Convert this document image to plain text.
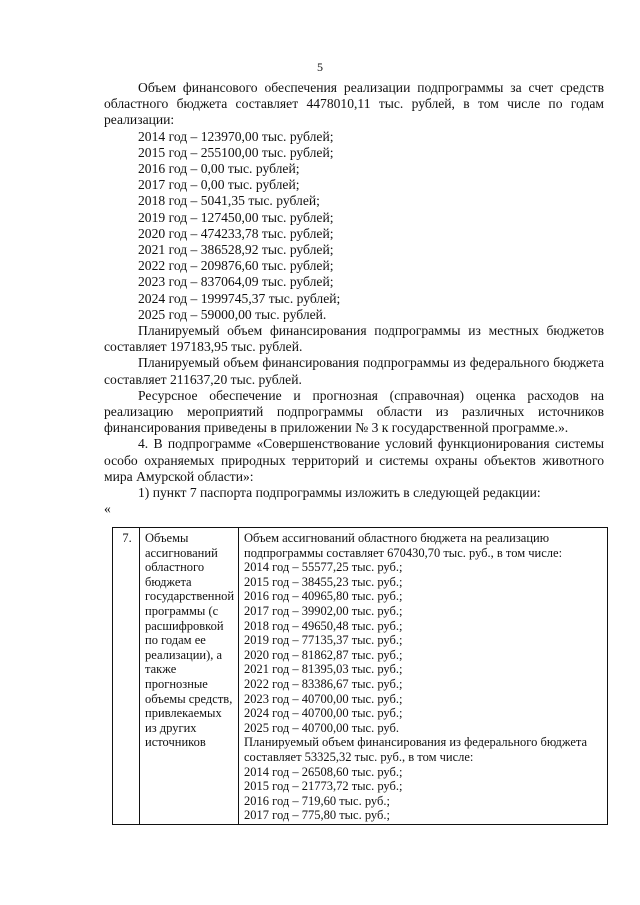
5

Объем финансового обеспечения реализации подпрограммы за счет средств областного бюджета составляет 4478010,11 тыс. рублей, в том числе по годам реализации:

2014 год – 123970,00 тыс. рублей;

2015 год – 255100,00 тыс. рублей;

2016 год – 0,00 тыс. рублей;

2017 год – 0,00 тыс. рублей;

2018 год – 5041,35 тыс. рублей;

2019 год – 127450,00 тыс. рублей;

2020 год – 474233,78 тыс. рублей;

2021 год – 386528,92 тыс. рублей;

2022 год – 209876,60 тыс. рублей;

2023 год – 837064,09 тыс. рублей;

2024 год – 1999745,37 тыс. рублей;

2025 год – 59000,00 тыс. рублей.

Планируемый объем финансирования подпрограммы из местных бюджетов составляет 197183,95 тыс. рублей.

Планируемый объем финансирования подпрограммы из федерального бюджета составляет 211637,20 тыс. рублей.

Ресурсное обеспечение и прогнозная (справочная) оценка расходов на реализацию мероприятий подпрограммы области из различных источников финансирования приведены в приложении № 3 к государственной программе.».

4. В подпрограмме «Совершенствование условий функционирования системы особо охраняемых природных территорий и системы охраны объектов животного мира Амурской области»:

1) пункт 7 паспорта подпрограммы изложить в следующей редакции:

«

7.	Объемы
ассигнований
областного
бюджета
государственной
программы (с
расшифровкой
по годам ее
реализации), а
также
прогнозные
объемы средств,
привлекаемых
из других
источников

Объем ассигнований областного бюджета на реализацию
подпрограммы составляет 670430,70 тыс. руб., в том числе:
2014 год – 55577,25 тыс. руб.;
2015 год – 38455,23 тыс. руб.;
2016 год – 40965,80 тыс. руб.;
2017 год – 39902,00 тыс. руб.;
2018 год – 49650,48 тыс. руб.;
2019 год – 77135,37 тыс. руб.;
2020 год – 81862,87 тыс. руб.;
2021 год – 81395,03 тыс. руб.;
2022 год – 83386,67 тыс. руб.;
2023 год – 40700,00 тыс. руб.;
2024 год – 40700,00 тыс. руб.;
2025 год – 40700,00 тыс. руб.
Планируемый объем финансирования из федерального бюджета
составляет 53325,32 тыс. руб., в том числе:
2014 год – 26508,60 тыс. руб.;
2015 год – 21773,72 тыс. руб.;
2016 год – 719,60 тыс. руб.;
2017 год – 775,80 тыс. руб.;
